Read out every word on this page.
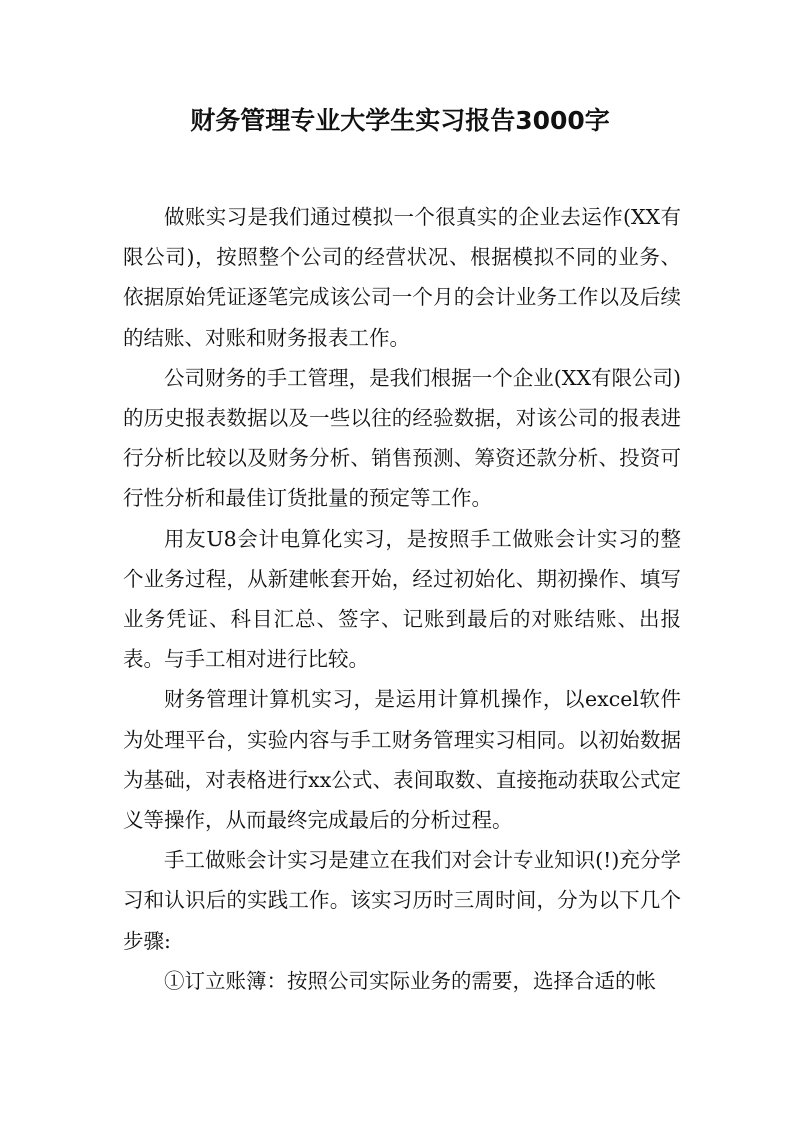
财务管理专业大学生实习报告3000字

做账实习是我们通过模拟一个很真实的企业去运作(XX有限公司)，按照整个公司的经营状况、根据模拟不同的业务、依据原始凭证逐笔完成该公司一个月的会计业务工作以及后续的结账、对账和财务报表工作。

公司财务的手工管理，是我们根据一个企业(XX有限公司)的历史报表数据以及一些以往的经验数据，对该公司的报表进行分析比较以及财务分析、销售预测、筹资还款分析、投资可行性分析和最佳订货批量的预定等工作。

用友U8会计电算化实习，是按照手工做账会计实习的整个业务过程，从新建帐套开始，经过初始化、期初操作、填写业务凭证、科目汇总、签字、记账到最后的对账结账、出报表。与手工相对进行比较。

财务管理计算机实习，是运用计算机操作，以excel软件为处理平台，实验内容与手工财务管理实习相同。以初始数据为基础，对表格进行xx公式、表间取数、直接拖动获取公式定义等操作，从而最终完成最后的分析过程。

手工做账会计实习是建立在我们对会计专业知识(!)充分学习和认识后的实践工作。该实习历时三周时间，分为以下几个步骤:

①订立账簿：按照公司实际业务的需要，选择合适的帐
